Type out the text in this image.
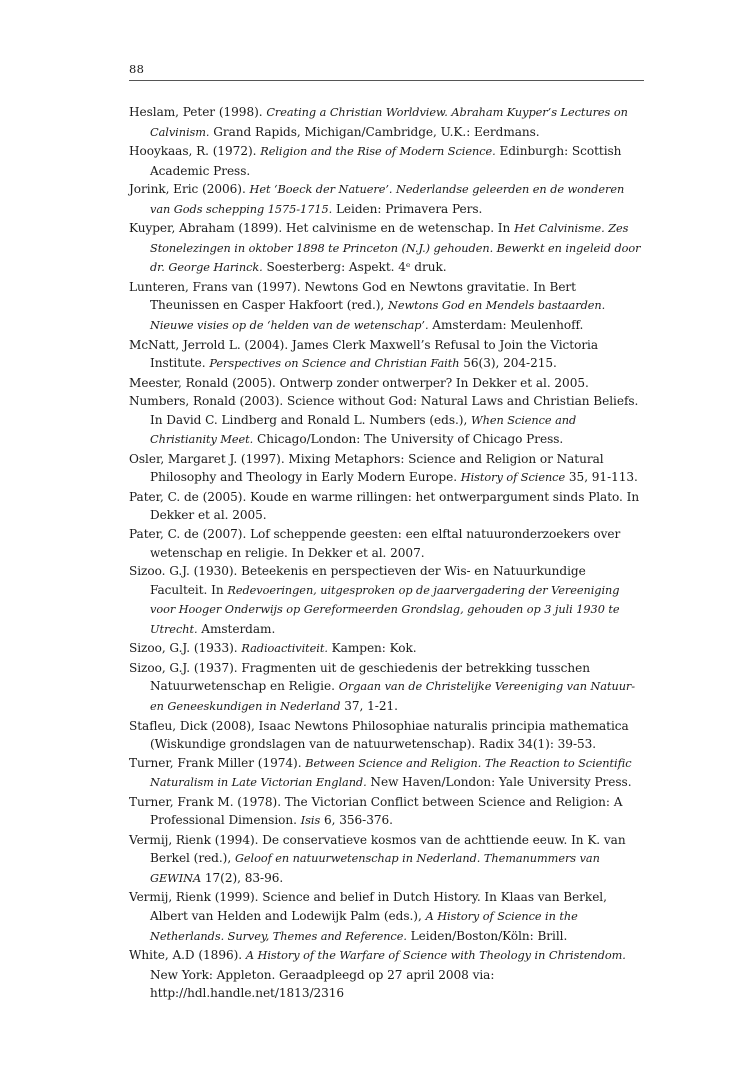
88
Heslam, Peter (1998). Creating a Christian Worldview. Abraham Kuyper’s Lectures on Calvinism. Grand Rapids, Michigan/Cambridge, U.K.: Eerdmans.
Hooykaas, R. (1972). Religion and the Rise of Modern Science. Edinburgh: Scottish Academic Press.
Jorink, Eric (2006). Het ‘Boeck der Natuere’. Nederlandse geleerden en de wonderen van Gods schepping 1575-1715. Leiden: Primavera Pers.
Kuyper, Abraham (1899). Het calvinisme en de wetenschap. In Het Calvinisme. Zes Stonelezingen in oktober 1898 te Princeton (N.J.) gehouden. Bewerkt en ingeleid door dr. George Harinck. Soesterberg: Aspekt. 4ᵉ druk.
Lunteren, Frans van (1997). Newtons God en Newtons gravitatie. In Bert Theunissen en Casper Hakfoort (red.), Newtons God en Mendels bastaarden. Nieuwe visies op de ‘helden van de wetenschap’. Amsterdam: Meulenhoff.
McNatt, Jerrold L. (2004). James Clerk Maxwell’s Refusal to Join the Victoria Institute. Perspectives on Science and Christian Faith 56(3), 204-215.
Meester, Ronald (2005). Ontwerp zonder ontwerper? In Dekker et al. 2005.
Numbers, Ronald (2003). Science without God: Natural Laws and Christian Beliefs. In David C. Lindberg and Ronald L. Numbers (eds.), When Science and Christianity Meet. Chicago/London: The University of Chicago Press.
Osler, Margaret J. (1997). Mixing Metaphors: Science and Religion or Natural Philosophy and Theology in Early Modern Europe. History of Science 35, 91-113.
Pater, C. de (2005). Koude en warme rillingen: het ontwerpargument sinds Plato. In Dekker et al. 2005.
Pater, C. de (2007). Lof scheppende geesten: een elftal natuuronderzoekers over wetenschap en religie. In Dekker et al. 2007.
Sizoo. G.J. (1930). Beteekenis en perspectieven der Wis- en Natuurkundige Faculteit. In Redevoeringen, uitgesproken op de jaarvergadering der Vereeniging voor Hooger Onderwijs op Gereformeerden Grondslag, gehouden op 3 juli 1930 te Utrecht. Amsterdam.
Sizoo, G.J. (1933). Radioactiviteit. Kampen: Kok.
Sizoo, G.J. (1937). Fragmenten uit de geschiedenis der betrekking tusschen Natuurwetenschap en Religie. Orgaan van de Christelijke Vereeniging van Natuur- en Geneeskundigen in Nederland 37, 1-21.
Stafleu, Dick (2008), Isaac Newtons Philosophiae naturalis principia mathematica (Wiskundige grondslagen van de natuurwetenschap). Radix 34(1): 39-53.
Turner, Frank Miller (1974). Between Science and Religion. The Reaction to Scientific Naturalism in Late Victorian England. New Haven/London: Yale University Press.
Turner, Frank M. (1978). The Victorian Conflict between Science and Religion: A Professional Dimension. Isis 6, 356-376.
Vermij, Rienk (1994). De conservatieve kosmos van de achttiende eeuw. In K. van Berkel (red.), Geloof en natuurwetenschap in Nederland. Themanummers van GEWINA 17(2), 83-96.
Vermij, Rienk (1999). Science and belief in Dutch History. In Klaas van Berkel, Albert van Helden and Lodewijk Palm (eds.), A History of Science in the Netherlands. Survey, Themes and Reference. Leiden/Boston/Köln: Brill.
White, A.D (1896). A History of the Warfare of Science with Theology in Christendom. New York: Appleton. Geraadpleegd op 27 april 2008 via: http://hdl.handle.net/1813/2316
